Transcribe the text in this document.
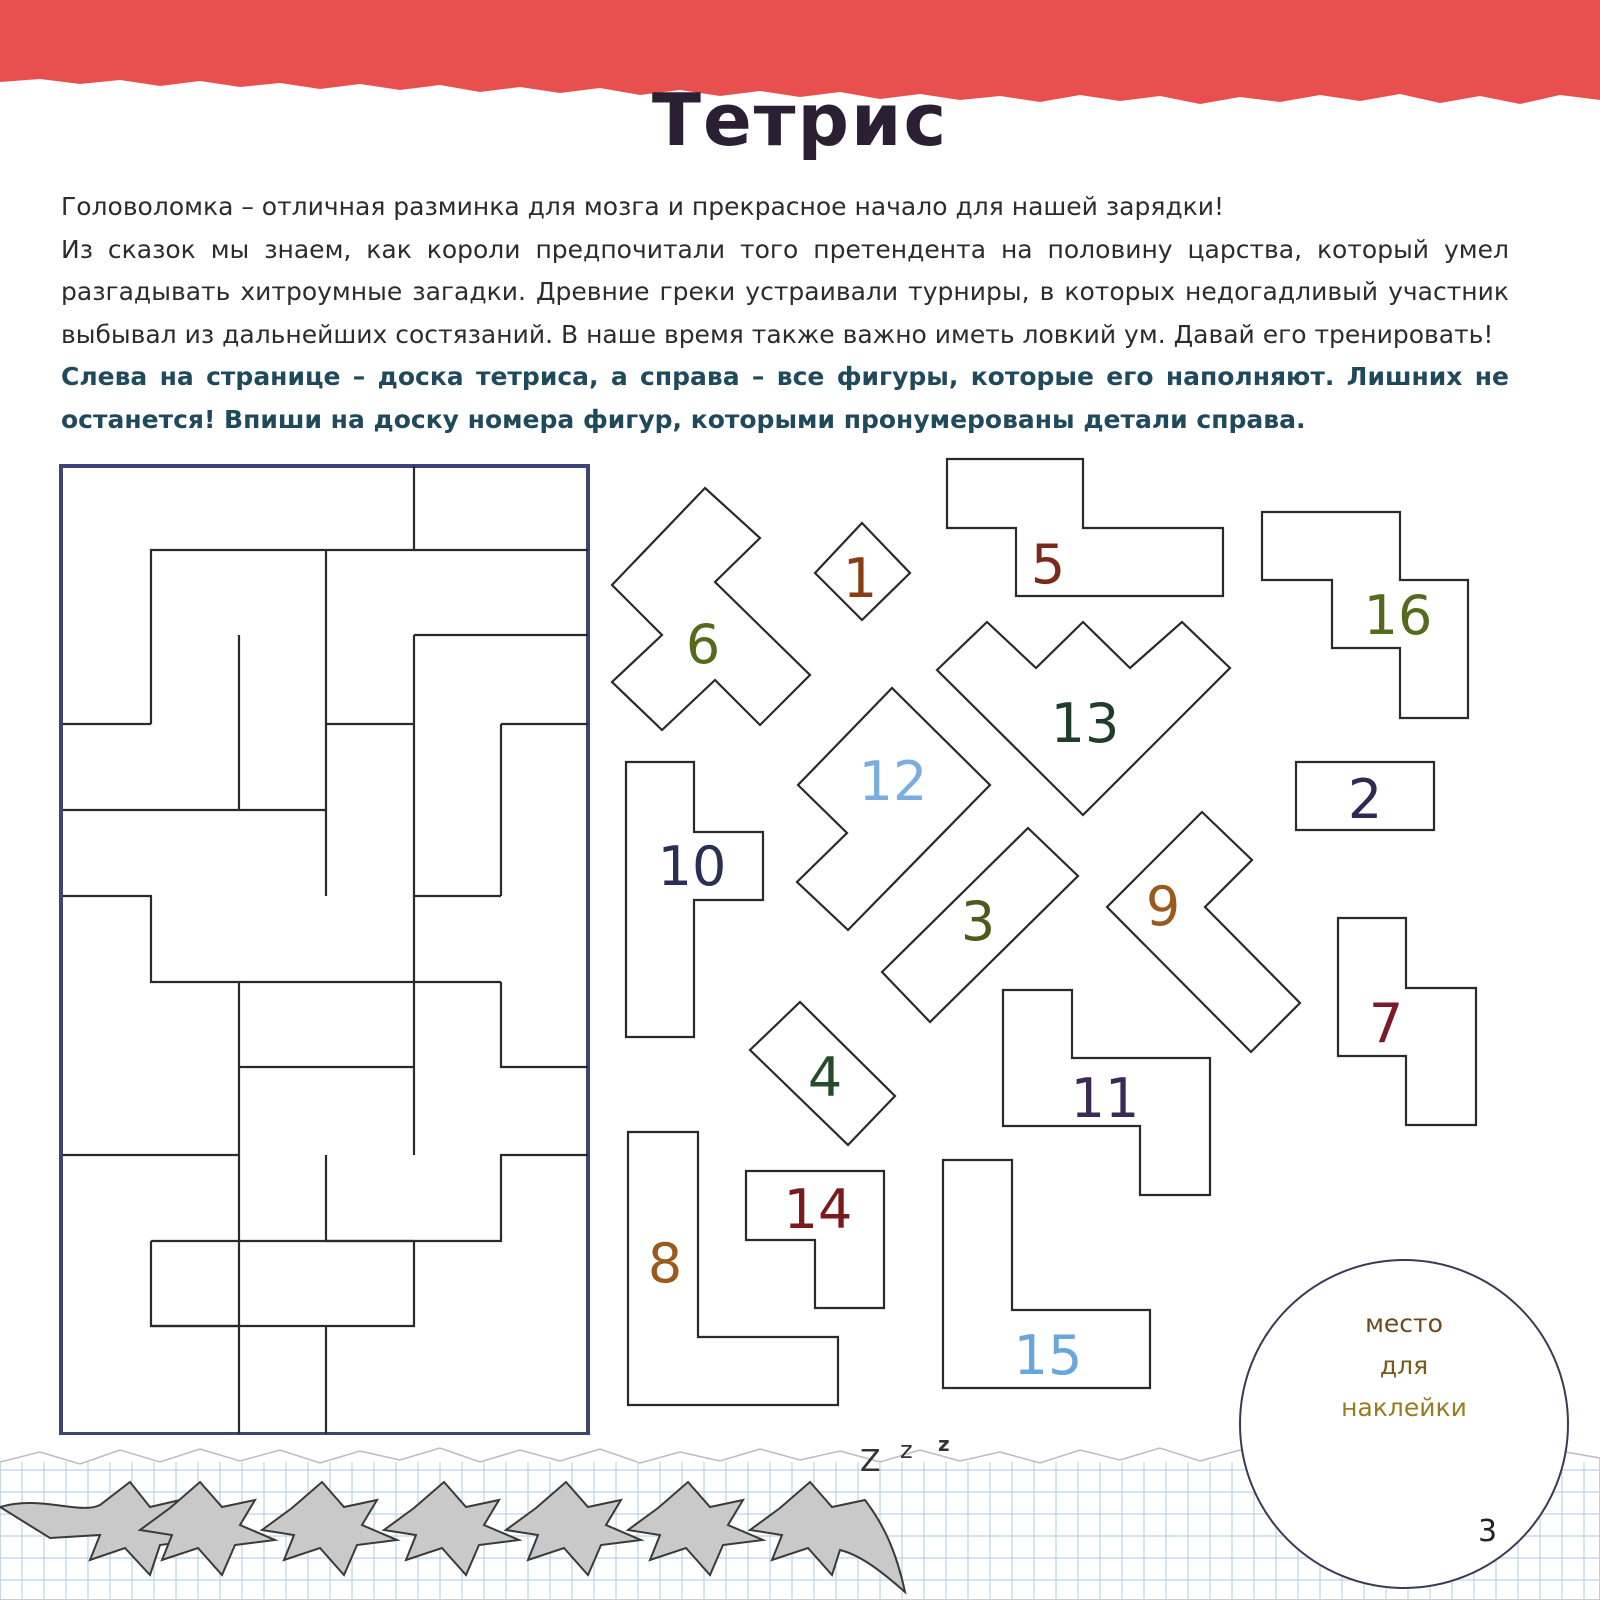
Тетрис

Головоломка – отличная разминка для мозга и прекрасное начало для нашей зарядки!

Из сказок мы знаем, как короли предпочитали того претендента на половину царства, который умел разгадывать хитроумные загадки. Древние греки устраивали турниры, в которых недогадливый участник выбывал из дальнейших состязаний. В наше время также важно иметь ловкий ум. Давай его тренировать!

Слева на странице – доска тетриса, а справа – все фигуры, которые его наполняют. Лишних не останется! Впиши на доску номера фигур, которыми пронумерованы детали справа.

1
2
3
4
5
6
7
8
9
10
11
12
13
14
15
16
Z z z
место
для
наклейки
3
